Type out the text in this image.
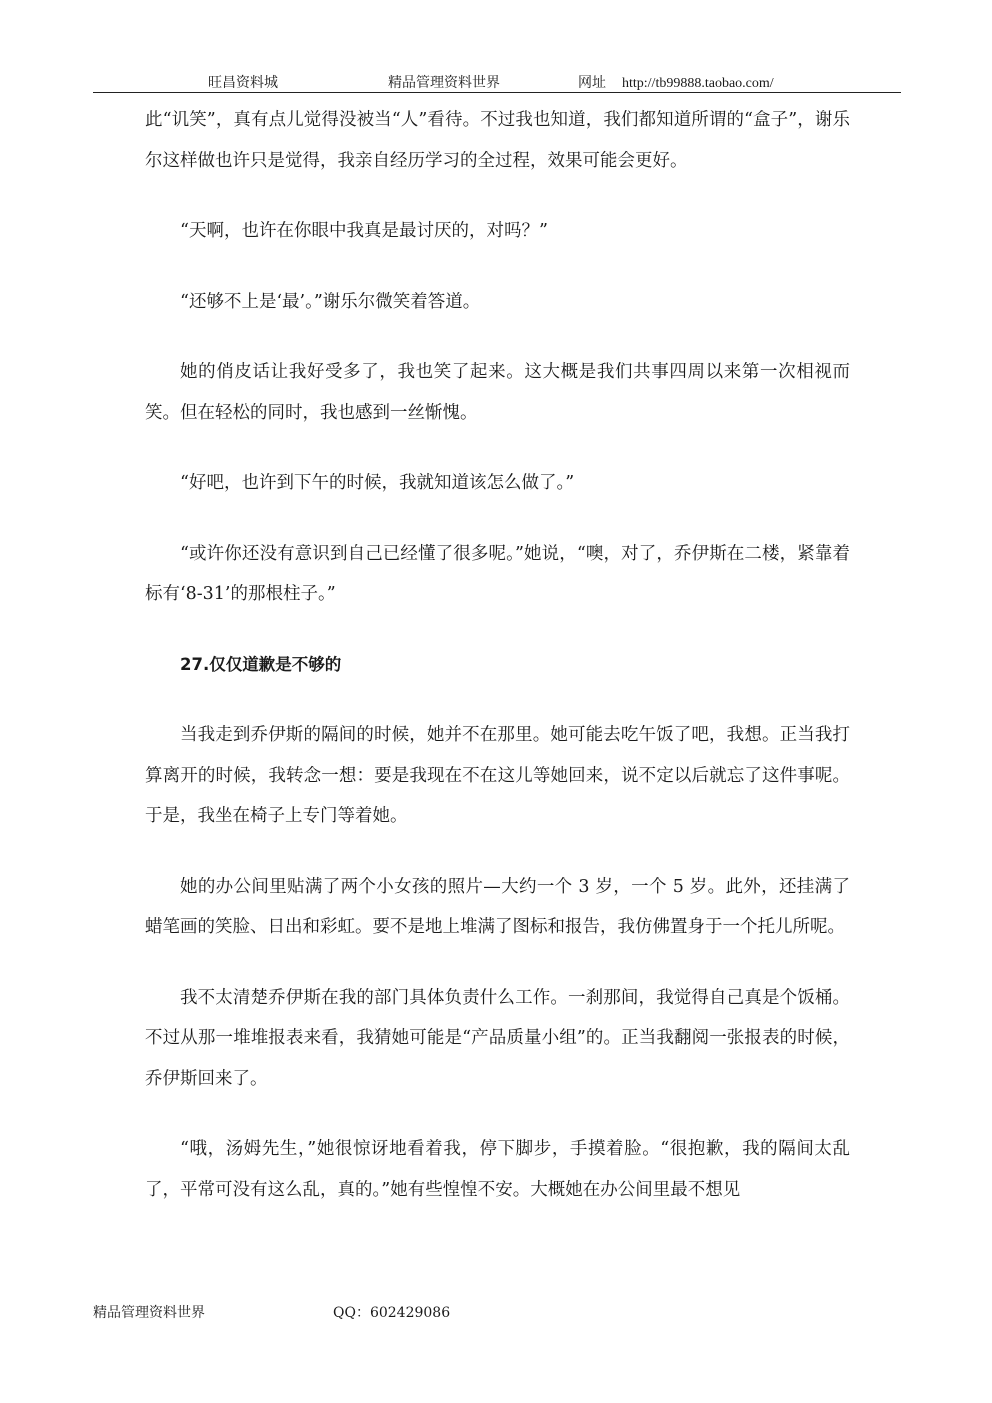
旺昌资料城	精品管理资料世界	网址 http://tb99888.taobao.com/

此“讥笑”，真有点儿觉得没被当“人”看待。不过我也知道，我们都知道所谓的“盒子”，谢乐尔这样做也许只是觉得，我亲自经历学习的全过程，效果可能会更好。

“天啊，也许在你眼中我真是最讨厌的，对吗？”

“还够不上是‘最’。”谢乐尔微笑着答道。

她的俏皮话让我好受多了，我也笑了起来。这大概是我们共事四周以来第一次相视而笑。但在轻松的同时，我也感到一丝惭愧。

“好吧，也许到下午的时候，我就知道该怎么做了。”

“或许你还没有意识到自己已经懂了很多呢。”她说，“噢，对了，乔伊斯在二楼，紧靠着标有‘8-31’的那根柱子。”

27.仅仅道歉是不够的

当我走到乔伊斯的隔间的时候，她并不在那里。她可能去吃午饭了吧，我想。正当我打算离开的时候，我转念一想：要是我现在不在这儿等她回来，说不定以后就忘了这件事呢。于是，我坐在椅子上专门等着她。

她的办公间里贴满了两个小女孩的照片—大约一个 3 岁，一个 5 岁。此外，还挂满了蜡笔画的笑脸、日出和彩虹。要不是地上堆满了图标和报告，我仿佛置身于一个托儿所呢。

我不太清楚乔伊斯在我的部门具体负责什么工作。一刹那间，我觉得自己真是个饭桶。不过从那一堆堆报表来看，我猜她可能是“产品质量小组”的。正当我翻阅一张报表的时候，乔伊斯回来了。

“哦，汤姆先生，”她很惊讶地看着我，停下脚步，手摸着脸。“很抱歉，我的隔间太乱了，平常可没有这么乱，真的。”她有些惶惶不安。大概她在办公间里最不想见

精品管理资料世界	QQ：602429086
